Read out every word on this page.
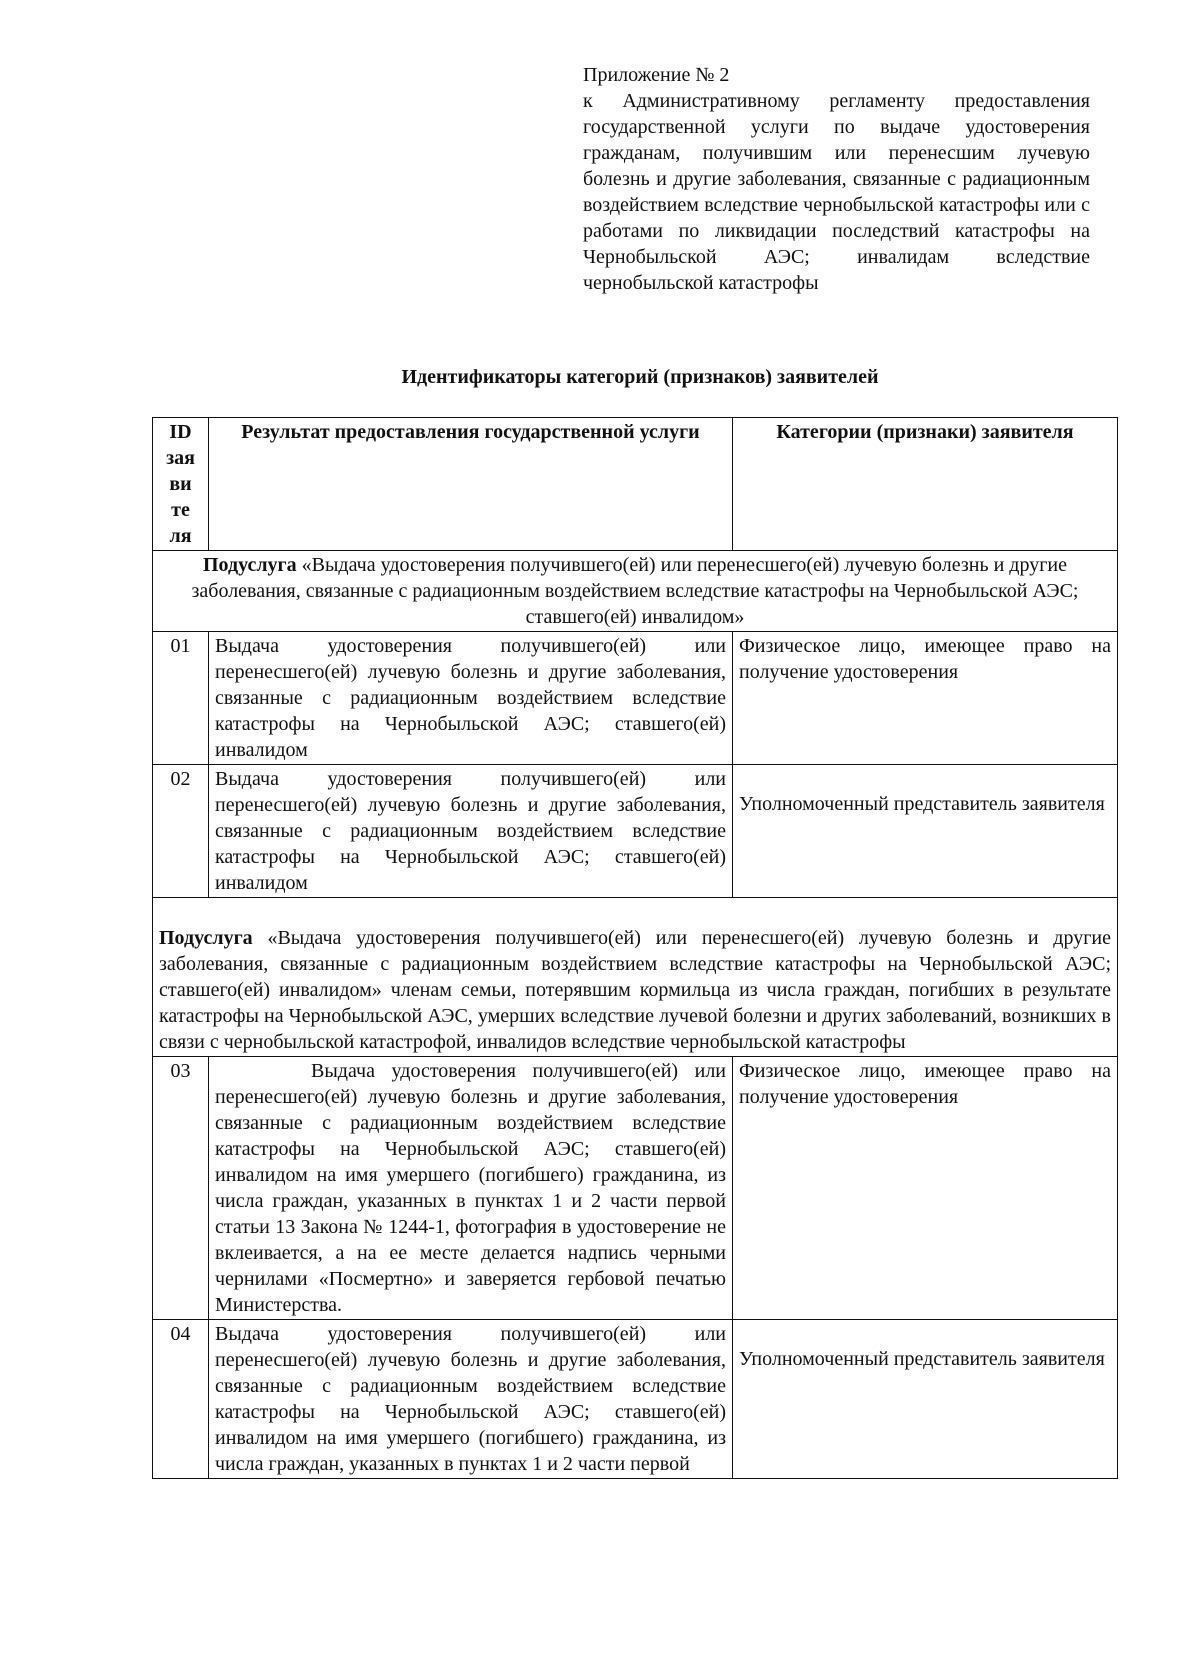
Приложение № 2
к Административному регламенту предоставления государственной услуги по выдаче удостоверения гражданам, получившим или перенесшим лучевую болезнь и другие заболевания, связанные с радиационным воздействием вследствие чернобыльской катастрофы или с работами по ликвидации последствий катастрофы на Чернобыльской АЭС; инвалидам вследствие чернобыльской катастрофы
Идентификаторы категорий (признаков) заявителей
ID
зая
ви
те
ля	Результат предоставления государственной услуги	Категории (признаки) заявителя
Подуслуга «Выдача удостоверения получившего(ей) или перенесшего(ей) лучевую болезнь и другие заболевания, связанные с радиационным воздействием вследствие катастрофы на Чернобыльской АЭС; ставшего(ей) инвалидом»		
01	Выдача удостоверения получившего(ей) или перенесшего(ей) лучевую болезнь и другие заболевания, связанные с радиационным воздействием вследствие катастрофы на Чернобыльской АЭС; ставшего(ей) инвалидом	Физическое лицо, имеющее право на получение удостоверения
02	Выдача удостоверения получившего(ей) или перенесшего(ей) лучевую болезнь и другие заболевания, связанные с радиационным воздействием вследствие катастрофы на Чернобыльской АЭС; ставшего(ей) инвалидом	Уполномоченный представитель заявителя
Подуслуга «Выдача удостоверения получившего(ей) или перенесшего(ей) лучевую болезнь и другие заболевания, связанные с радиационным воздействием вследствие катастрофы на Чернобыльской АЭС; ставшего(ей) инвалидом» членам семьи, потерявшим кормильца из числа граждан, погибших в результате катастрофы на Чернобыльской АЭС, умерших вследствие лучевой болезни и других заболеваний, возникших в связи с чернобыльской катастрофой, инвалидов вследствие чернобыльской катастрофы		
03	Выдача удостоверения получившего(ей) или перенесшего(ей) лучевую болезнь и другие заболевания, связанные с радиационным воздействием вследствие катастрофы на Чернобыльской АЭС; ставшего(ей) инвалидом на имя умершего (погибшего) гражданина, из числа граждан, указанных в пунктах 1 и 2 части первой статьи 13 Закона № 1244-1, фотография в удостоверение не вклеивается, а на ее месте делается надпись черными чернилами «Посмертно» и заверяется гербовой печатью Министерства.	Физическое лицо, имеющее право на получение удостоверения
04	Выдача удостоверения получившего(ей) или перенесшего(ей) лучевую болезнь и другие заболевания, связанные с радиационным воздействием вследствие катастрофы на Чернобыльской АЭС; ставшего(ей) инвалидом на имя умершего (погибшего) гражданина, из числа граждан, указанных в пунктах 1 и 2 части первой	Уполномоченный представитель заявителя
